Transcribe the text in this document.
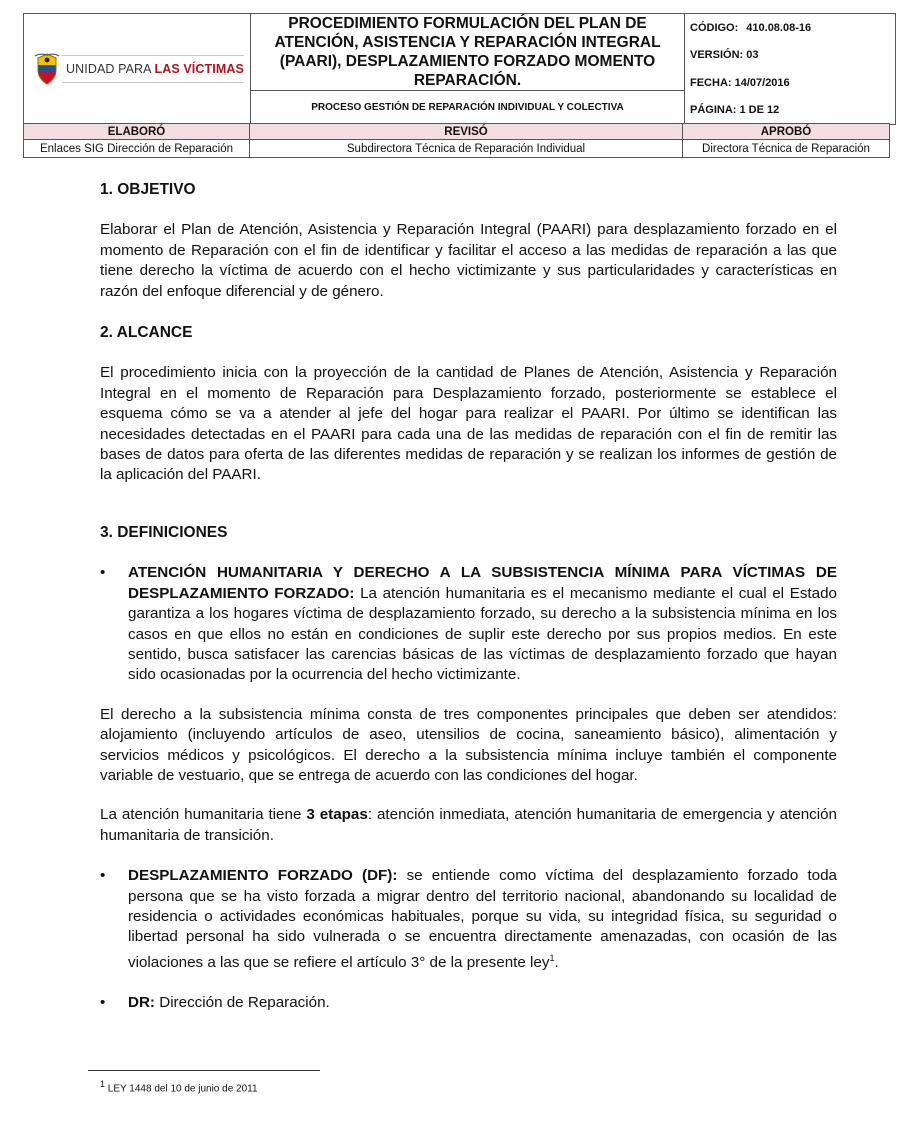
UNIDAD PARA LAS VÍCTIMAS
	PROCEDIMIENTO FORMULACIÓN DEL PLAN DE ATENCIÓN, ASISTENCIA Y REPARACIÓN INTEGRAL (PAARI), DESPLAZAMIENTO FORZADO MOMENTO REPARACIÓN.	
CÓDIGO: 410.08.08-16
VERSIÓN: 03
FECHA: 14/07/2016
PÁGINA: 1 DE 12

PROCESO GESTIÓN DE REPARACIÓN INDIVIDUAL Y COLECTIVA
ELABORÓ	REVISÓ	APROBÓ
Enlaces SIG Dirección de Reparación	Subdirectora Técnica de Reparación Individual	Directora Técnica de Reparación
1. OBJETIVO

Elaborar el Plan de Atención, Asistencia y Reparación Integral (PAARI) para desplazamiento forzado en el momento de Reparación con el fin de identificar y facilitar el acceso a las medidas de reparación a las que tiene derecho la víctima de acuerdo con el hecho victimizante y sus particularidades y características en razón del enfoque diferencial y de género.

2. ALCANCE

El procedimiento inicia con la proyección de la cantidad de Planes de Atención, Asistencia y Reparación Integral en el momento de Reparación para Desplazamiento forzado, posteriormente se establece el esquema cómo se va a atender al jefe del hogar para realizar el PAARI. Por último se identifican las necesidades detectadas en el PAARI para cada una de las medidas de reparación con el fin de remitir las bases de datos para oferta de las diferentes medidas de reparación y se realizan los informes de gestión de la aplicación del PAARI.

3. DEFINICIONES
• ATENCIÓN HUMANITARIA Y DERECHO A LA SUBSISTENCIA MÍNIMA PARA VÍCTIMAS DE DESPLAZAMIENTO FORZADO: La atención humanitaria es el mecanismo mediante el cual el Estado garantiza a los hogares víctima de desplazamiento forzado, su derecho a la subsistencia mínima en los casos en que ellos no están en condiciones de suplir este derecho por sus propios medios. En este sentido, busca satisfacer las carencias básicas de las víctimas de desplazamiento forzado que hayan sido ocasionadas por la ocurrencia del hecho victimizante.

El derecho a la subsistencia mínima consta de tres componentes principales que deben ser atendidos: alojamiento (incluyendo artículos de aseo, utensilios de cocina, saneamiento básico), alimentación y servicios médicos y psicológicos. El derecho a la subsistencia mínima incluye también el componente variable de vestuario, que se entrega de acuerdo con las condiciones del hogar.

La atención humanitaria tiene 3 etapas: atención inmediata, atención humanitaria de emergencia y atención humanitaria de transición.

• DESPLAZAMIENTO FORZADO (DF): se entiende como víctima del desplazamiento forzado toda persona que se ha visto forzada a migrar dentro del territorio nacional, abandonando su localidad de residencia o actividades económicas habituales, porque su vida, su integridad física, su seguridad o libertad personal ha sido vulnerada o se encuentra directamente amenazadas, con ocasión de las violaciones a las que se refiere el artículo 3° de la presente ley$^1$.
• DR: Dirección de Reparación.
$^1$ LEY 1448 del 10 de junio de 2011
